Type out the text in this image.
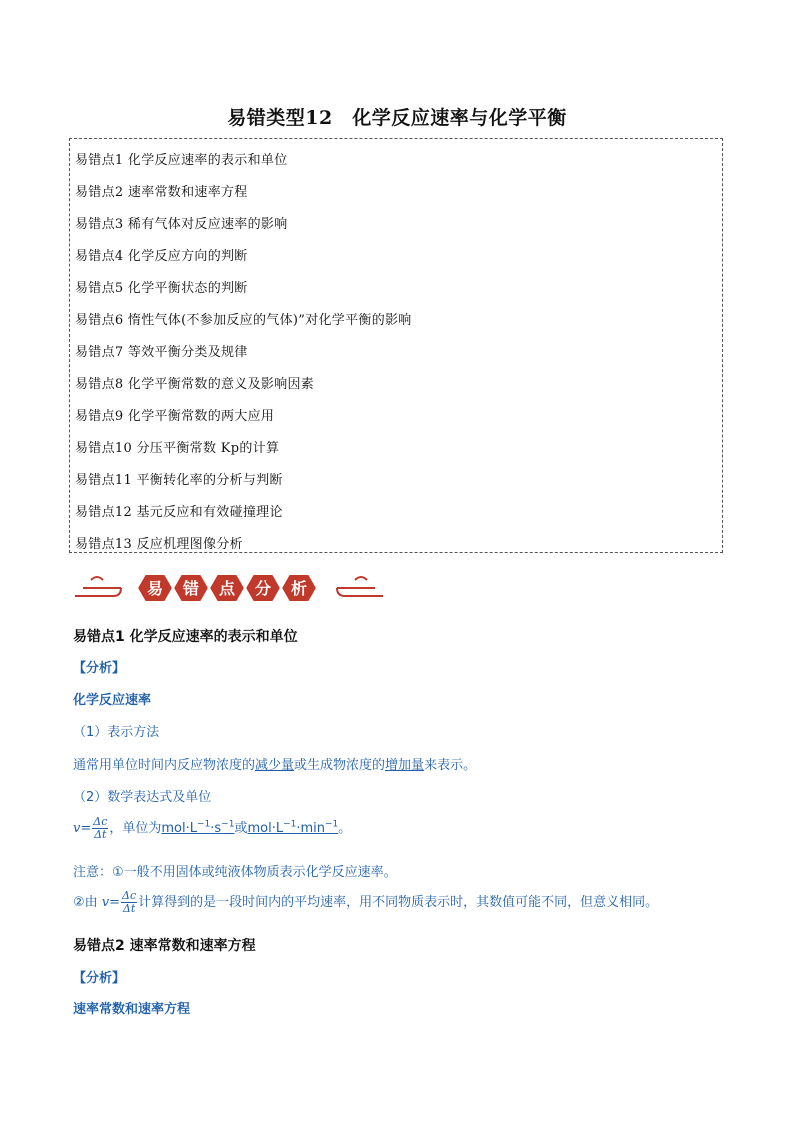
易错类型12　化学反应速率与化学平衡
易错点1 化学反应速率的表示和单位
易错点2 速率常数和速率方程
易错点3 稀有气体对反应速率的影响
易错点4 化学反应方向的判断
易错点5 化学平衡状态的判断
易错点6 惰性气体(不参加反应的气体)”对化学平衡的影响
易错点7 等效平衡分类及规律
易错点8 化学平衡常数的意义及影响因素
易错点9 化学平衡常数的两大应用
易错点10 分压平衡常数 Kp的计算
易错点11 平衡转化率的分析与判断
易错点12 基元反应和有效碰撞理论
易错点13 反应机理图像分析
易 错 点 分 析
易错点1 化学反应速率的表示和单位
【分析】
化学反应速率
（1）表示方法
通常用单位时间内反应物浓度的减少量或生成物浓度的增加量来表示。
（2）数学表达式及单位
$v= \frac{\Delta c}{\Delta t}$ ，单位为$mol\cdot L^{-1}\cdot s^{-1}$或$mol\cdot L^{-1}\cdot\min^{-1}$。
注意：①一般不用固体或纯液体物质表示化学反应速率。
②由 $v= \frac{\Delta c}{\Delta t}$ 计算得到的是一段时间内的平均速率，用不同物质表示时，其数值可能不同，但意义相同。
易错点2 速率常数和速率方程
【分析】
速率常数和速率方程
